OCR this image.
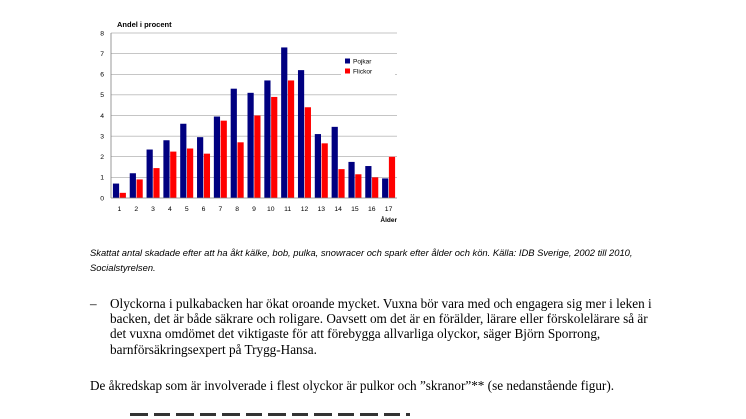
Andel i procent
0
1
2
3
4
5
6
7
8
1 2 3 4 5 6 7 8 9 10 11 12 13 14 15 16 17
Ålder
Pojkar
Flickor

Skattat antal skadade efter att ha åkt kälke, bob, pulka, snowracer och spark efter ålder och kön. Källa: IDB Sverige, 2002 till 2010, Socialstyrelsen.

– Olyckorna i pulkabacken har ökat oroande mycket. Vuxna bör vara med och engagera sig mer i leken i backen, det är både säkrare och roligare. Oavsett om det är en förälder, lärare eller förskolelärare så är det vuxna omdömet det viktigaste för att förebygga allvarliga olyckor, säger Björn Sporrong, barnförsäkringsexpert på Trygg-Hansa.

De åkredskap som är involverade i flest olyckor är pulkor och ”skranor”** (se nedanstående figur).
